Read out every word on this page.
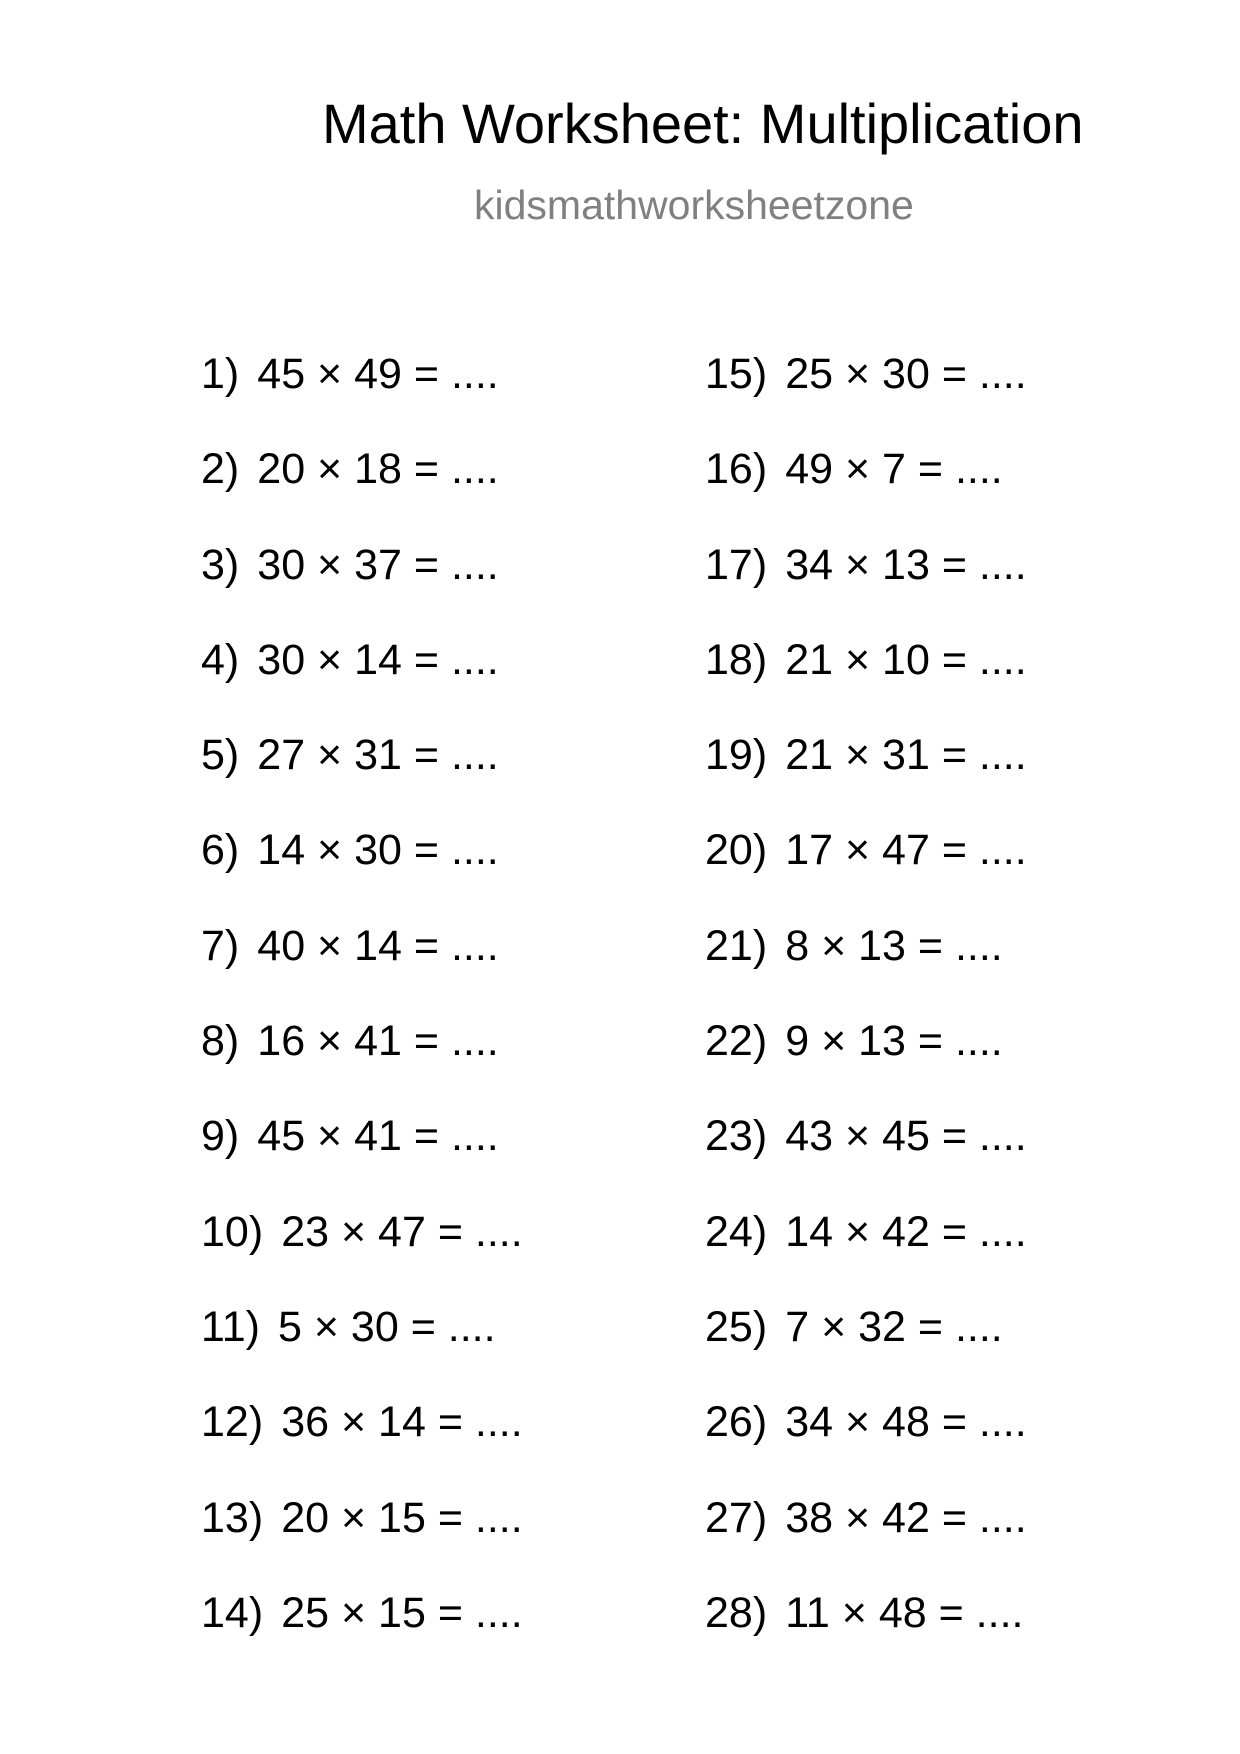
Math Worksheet: Multiplication
kidsmathworksheetzone
1) 45 × 49 = ....
2) 20 × 18 = ....
3) 30 × 37 = ....
4) 30 × 14 = ....
5) 27 × 31 = ....
6) 14 × 30 = ....
7) 40 × 14 = ....
8) 16 × 41 = ....
9) 45 × 41 = ....
10) 23 × 47 = ....
11) 5 × 30 = ....
12) 36 × 14 = ....
13) 20 × 15 = ....
14) 25 × 15 = ....
15) 25 × 30 = ....
16) 49 × 7 = ....
17) 34 × 13 = ....
18) 21 × 10 = ....
19) 21 × 31 = ....
20) 17 × 47 = ....
21) 8 × 13 = ....
22) 9 × 13 = ....
23) 43 × 45 = ....
24) 14 × 42 = ....
25) 7 × 32 = ....
26) 34 × 48 = ....
27) 38 × 42 = ....
28) 11 × 48 = ....
